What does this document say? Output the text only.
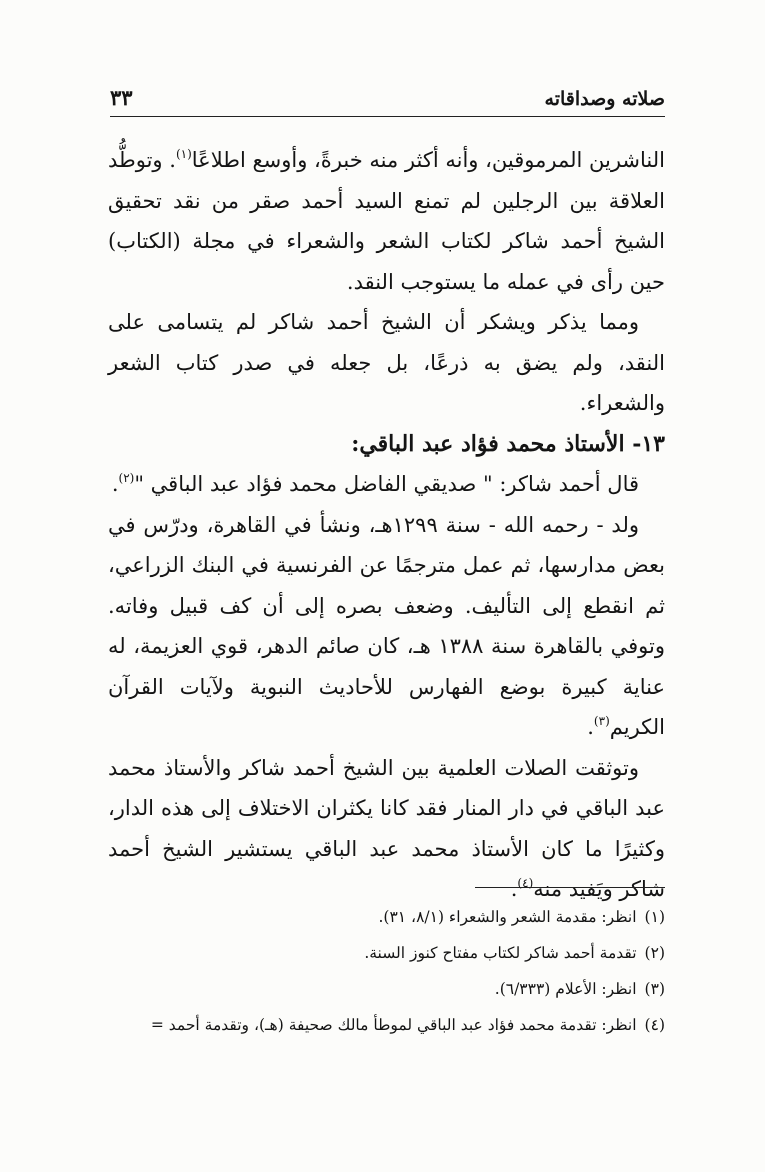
صلاته وصداقاته
٣٣

الناشرين المرموقين، وأنه أكثر منه خبرةً، وأوسع اطلاعًا$^{(١)}$. وتوطُّد العلاقة بين الرجلين لم تمنع السيد أحمد صقر من نقد تحقيق الشيخ أحمد شاكر لكتاب الشعر والشعراء في مجلة (الكتاب) حين رأى في عمله ما يستوجب النقد.

ومما يذكر ويشكر أن الشيخ أحمد شاكر لم يتسامى على النقد، ولم يضق به ذرعًا، بل جعله في صدر كتاب الشعر والشعراء.

١٣- الأستاذ محمد فؤاد عبد الباقي:

قال أحمد شاكر: " صديقي الفاضل محمد فؤاد عبد الباقي "$^{(٢)}$.

ولد - رحمه الله - سنة ١٢٩٩هـ، ونشأ في القاهرة، ودرّس في بعض مدارسها، ثم عمل مترجمًا عن الفرنسية في البنك الزراعي، ثم انقطع إلى التأليف. وضعف بصره إلى أن كف قبيل وفاته. وتوفي بالقاهرة سنة ١٣٨٨ هـ، كان صائم الدهر، قوي العزيمة، له عناية كبيرة بوضع الفهارس للأحاديث النبوية ولآيات القرآن الكريم$^{(٣)}$.

وتوثقت الصلات العلمية بين الشيخ أحمد شاكر والأستاذ محمد عبد الباقي في دار المنار فقد كانا يكثران الاختلاف إلى هذه الدار، وكثيرًا ما كان الأستاذ محمد عبد الباقي يستشير الشيخ أحمد شاكر ويَفيد منه$^{(٤)}$.

(١)انظر: مقدمة الشعر والشعراء (٨/١، ٣١).
(٢)تقدمة أحمد شاكر لكتاب مفتاح كنوز السنة.
(٣)انظر: الأعلام (٦/٣٣٣).
(٤)انظر: تقدمة محمد فؤاد عبد الباقي لموطأ مالك صحيفة (هـ)، وتقدمة أحمد =
